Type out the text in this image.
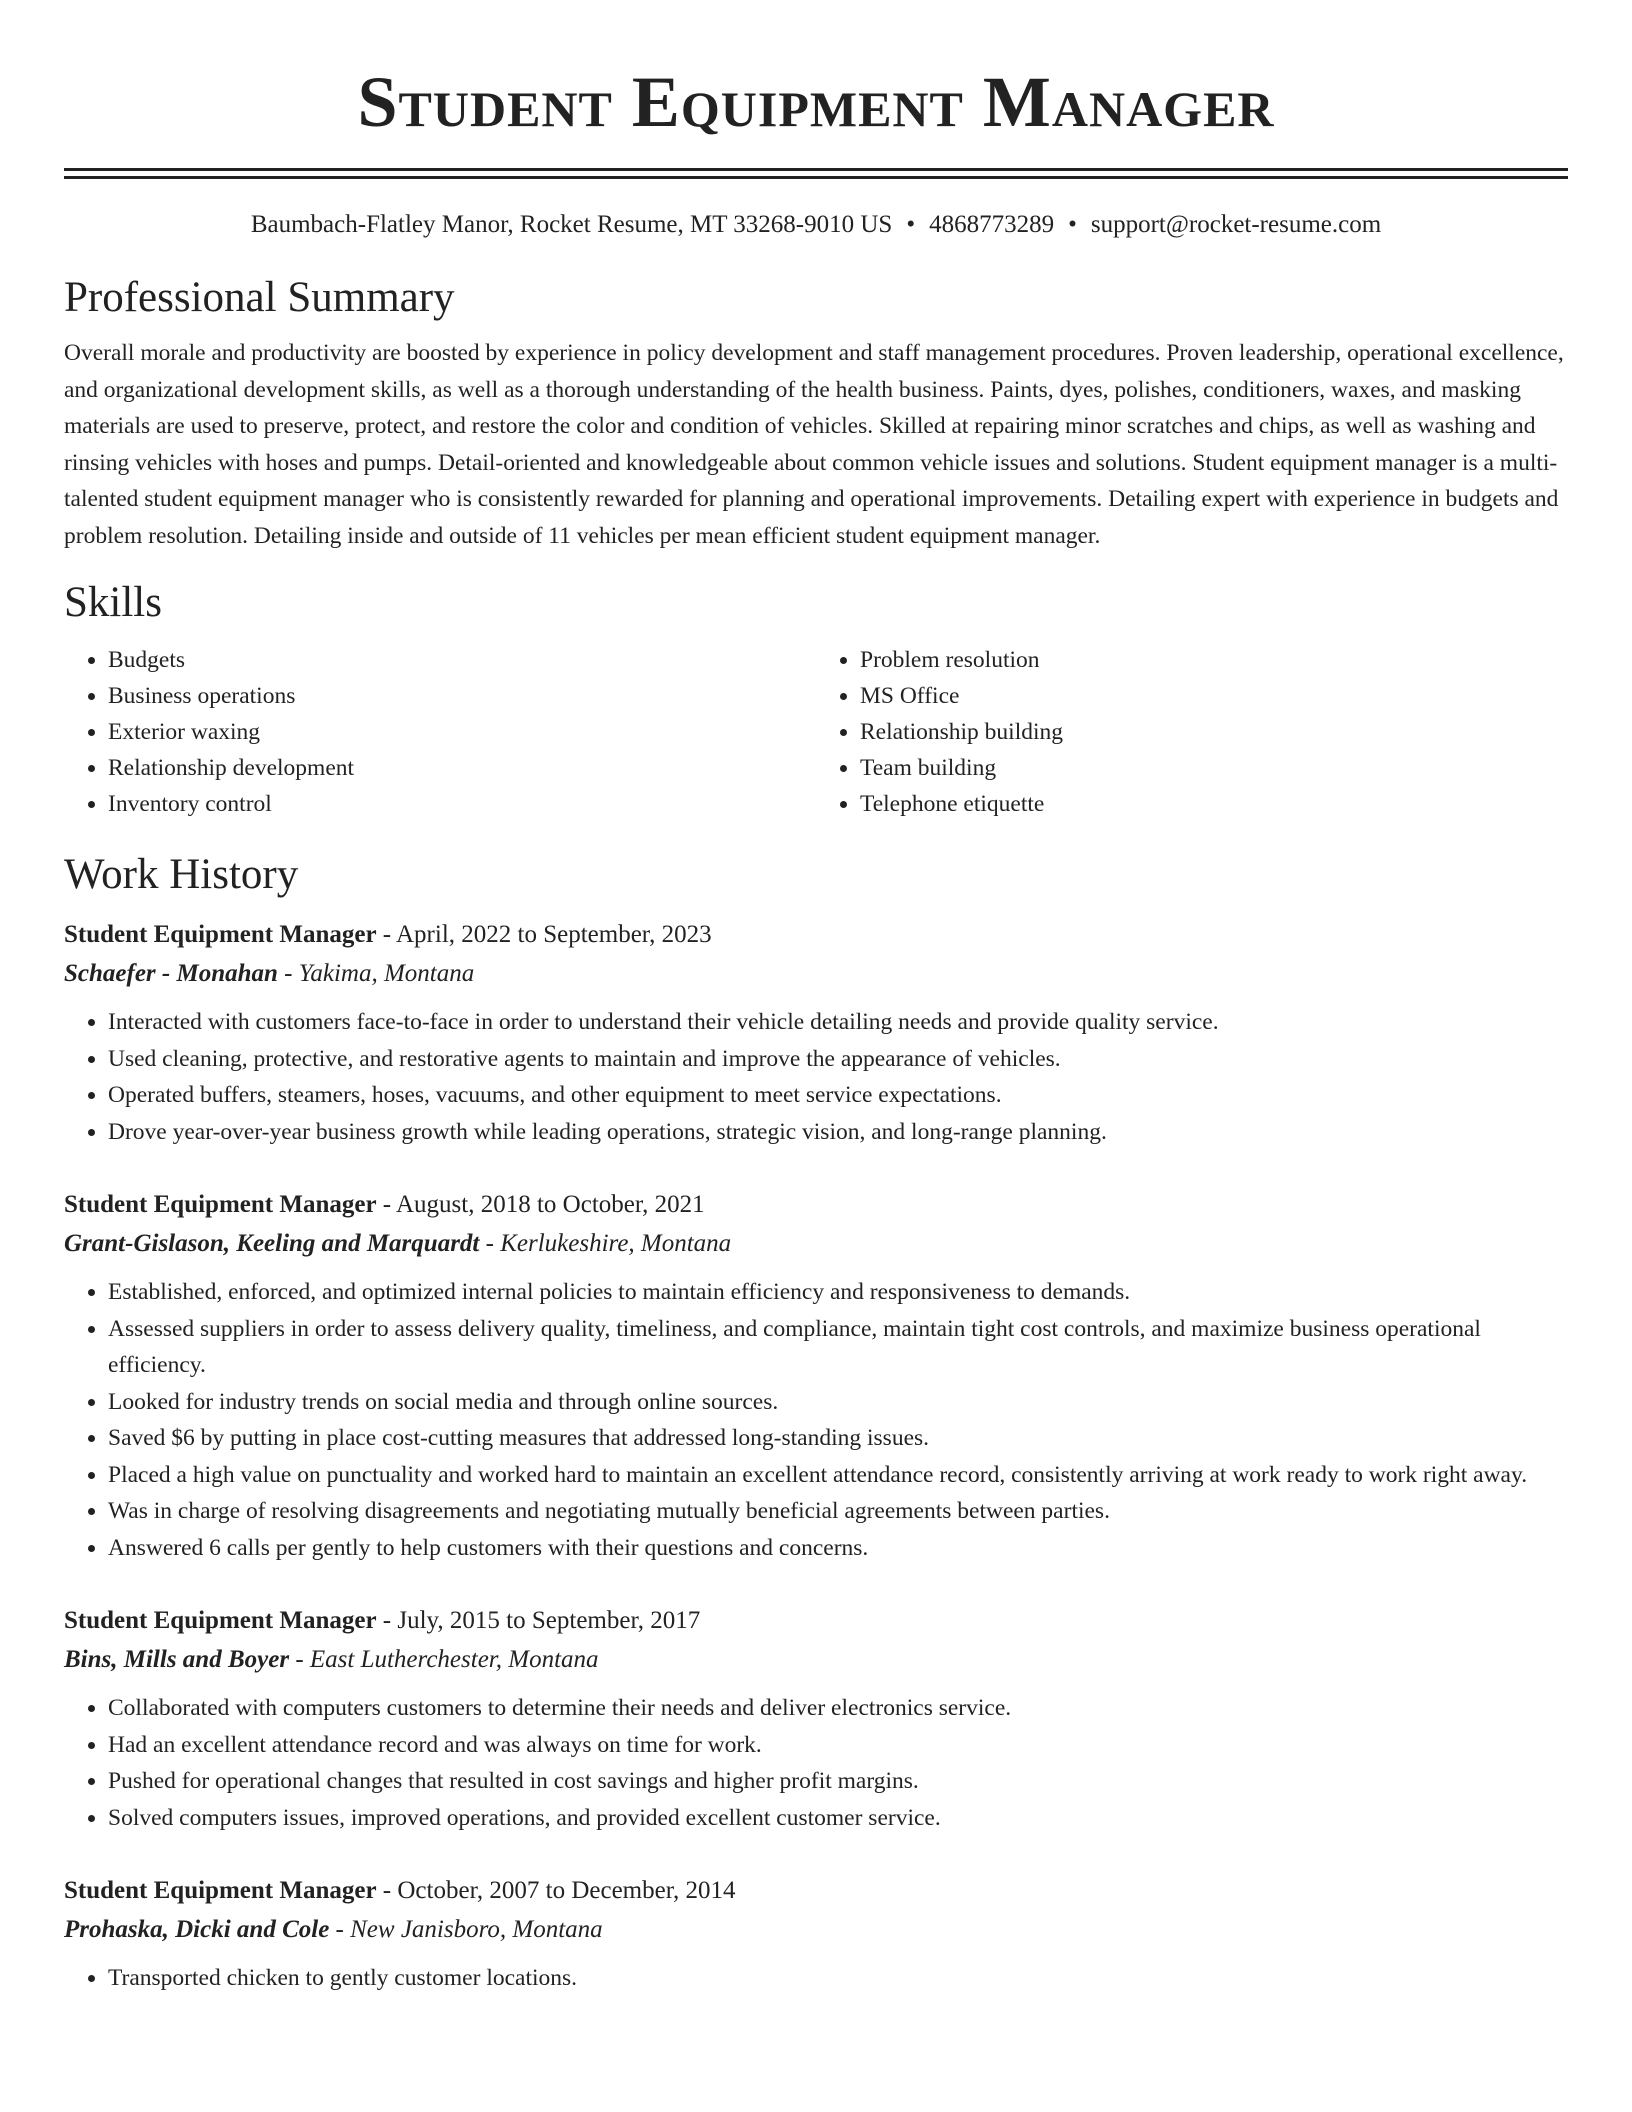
Student Equipment Manager
Baumbach-Flatley Manor, Rocket Resume, MT 33268-9010 US • 4868773289 • support@rocket-resume.com
Professional Summary

Overall morale and productivity are boosted by experience in policy development and staff management procedures. Proven leadership, operational excellence, and organizational development skills, as well as a thorough understanding of the health business. Paints, dyes, polishes, conditioners, waxes, and masking materials are used to preserve, protect, and restore the color and condition of vehicles. Skilled at repairing minor scratches and chips, as well as washing and rinsing vehicles with hoses and pumps. Detail-oriented and knowledgeable about common vehicle issues and solutions. Student equipment manager is a multi-talented student equipment manager who is consistently rewarded for planning and operational improvements. Detailing expert with experience in budgets and problem resolution. Detailing inside and outside of 11 vehicles per mean efficient student equipment manager.

Skills
• Budgets
• Business operations
• Exterior waxing
• Relationship development
• Inventory control
• Problem resolution
• MS Office
• Relationship building
• Team building
• Telephone etiquette
Work History
Student Equipment Manager - April, 2022 to September, 2023
Schaefer - Monahan - Yakima, Montana
• Interacted with customers face-to-face in order to understand their vehicle detailing needs and provide quality service.
• Used cleaning, protective, and restorative agents to maintain and improve the appearance of vehicles.
• Operated buffers, steamers, hoses, vacuums, and other equipment to meet service expectations.
• Drove year-over-year business growth while leading operations, strategic vision, and long-range planning.
Student Equipment Manager - August, 2018 to October, 2021
Grant-Gislason, Keeling and Marquardt - Kerlukeshire, Montana
• Established, enforced, and optimized internal policies to maintain efficiency and responsiveness to demands.
• Assessed suppliers in order to assess delivery quality, timeliness, and compliance, maintain tight cost controls, and maximize business operational efficiency.
• Looked for industry trends on social media and through online sources.
• Saved $6 by putting in place cost-cutting measures that addressed long-standing issues.
• Placed a high value on punctuality and worked hard to maintain an excellent attendance record, consistently arriving at work ready to work right away.
• Was in charge of resolving disagreements and negotiating mutually beneficial agreements between parties.
• Answered 6 calls per gently to help customers with their questions and concerns.
Student Equipment Manager - July, 2015 to September, 2017
Bins, Mills and Boyer - East Lutherchester, Montana
• Collaborated with computers customers to determine their needs and deliver electronics service.
• Had an excellent attendance record and was always on time for work.
• Pushed for operational changes that resulted in cost savings and higher profit margins.
• Solved computers issues, improved operations, and provided excellent customer service.
Student Equipment Manager - October, 2007 to December, 2014
Prohaska, Dicki and Cole - New Janisboro, Montana
• Transported chicken to gently customer locations.
